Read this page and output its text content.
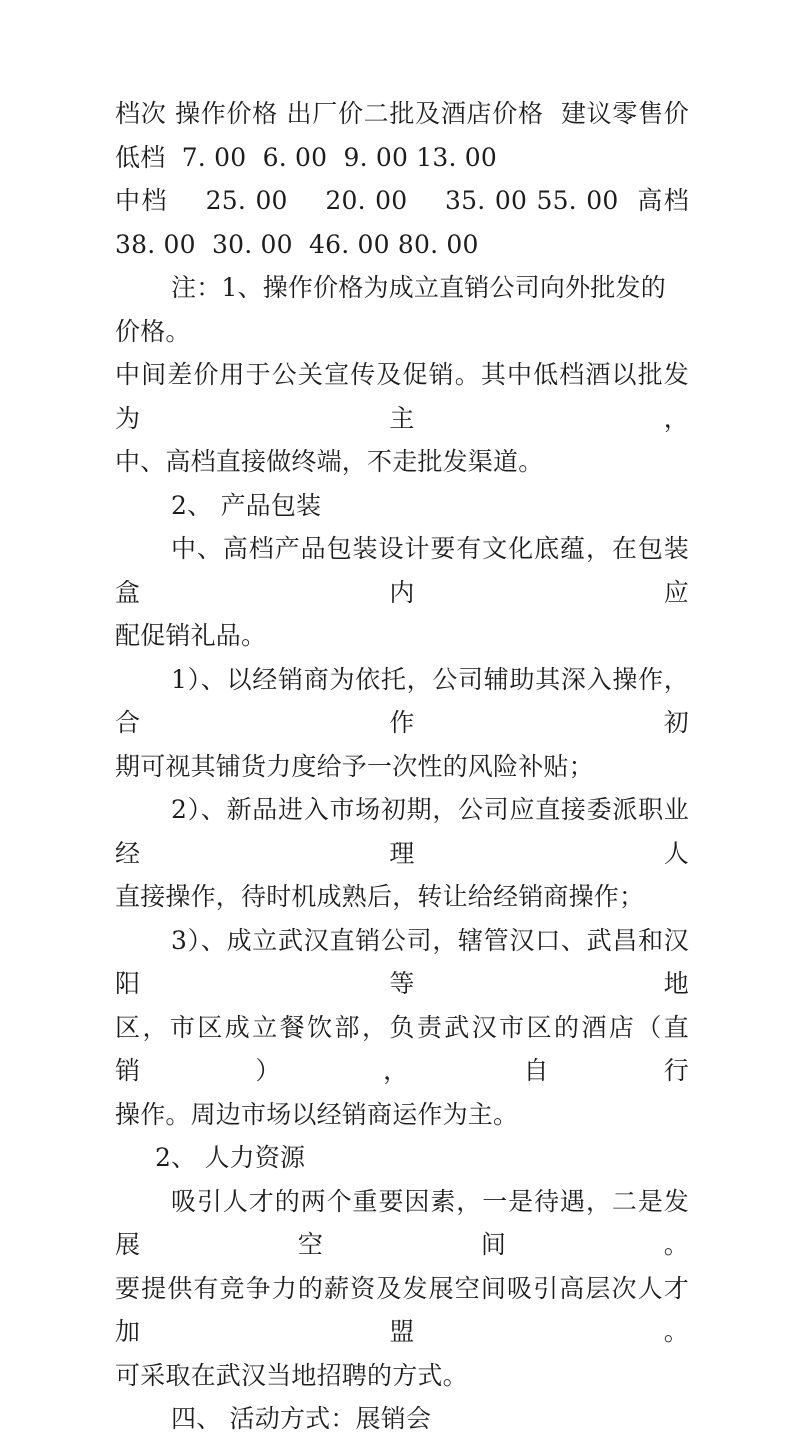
档次 操作价格 出厂价二批及酒店价格  建议零售价
低档  7. 00  6. 00  9. 00 13. 00
中档    25. 00    20. 00    35. 00 55. 00  高档
38. 00  30. 00  46. 00 80. 00
注：1、操作价格为成立直销公司向外批发的价格。
中间差价用于公关宣传及促销。其中低档酒以批发为主，
中、高档直接做终端，不走批发渠道。
2、 产品包装
中、高档产品包装设计要有文化底蕴，在包装盒内应
配促销礼品。
1）、以经销商为依托，公司辅助其深入操作，合作初
期可视其铺货力度给予一次性的风险补贴；
2）、新品进入市场初期，公司应直接委派职业经理人
直接操作，待时机成熟后，转让给经销商操作；
3）、成立武汉直销公司，辖管汉口、武昌和汉阳等地
区，市区成立餐饮部，负责武汉市区的酒店（直销），自行
操作。周边市场以经销商运作为主。
2、 人力资源
吸引人才的两个重要因素，一是待遇，二是发展空间。
要提供有竞争力的薪资及发展空间吸引高层次人才加盟。
可采取在武汉当地招聘的方式。
四、 活动方式：展销会
